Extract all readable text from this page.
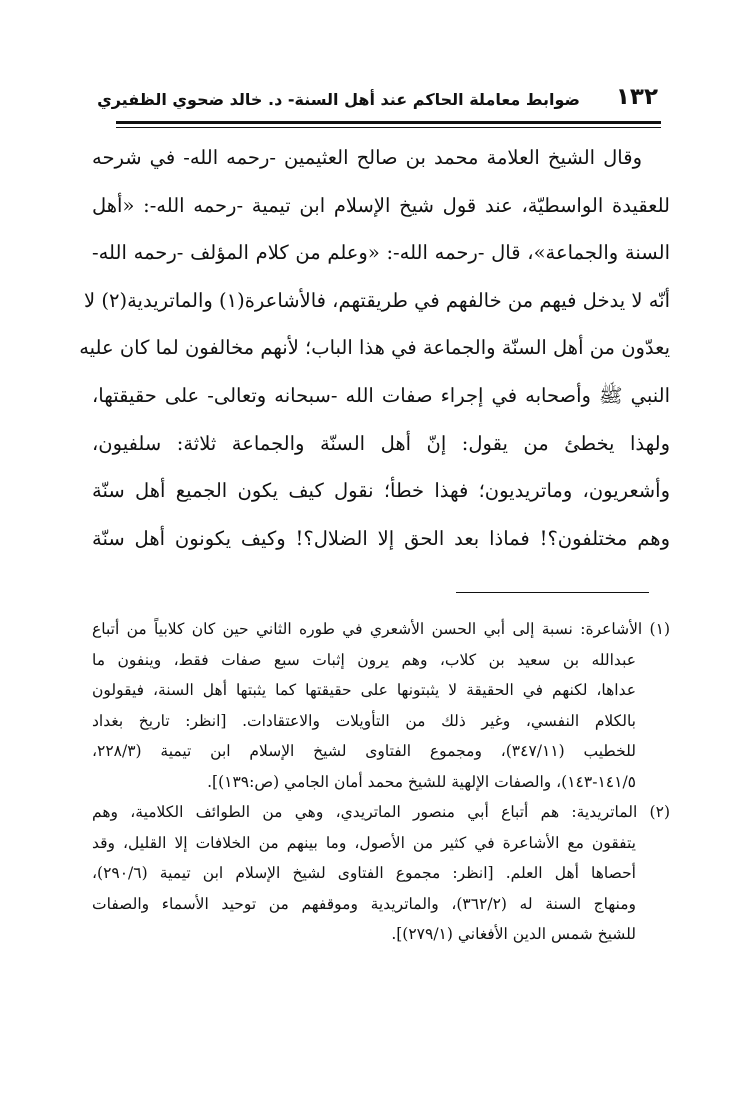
١٣٢
ضوابط معاملة الحاكم عند أهل السنة- د. خالد ضحوي الظفيري
وقال الشيخ العلامة محمد بن صالح العثيمين -رحمه الله- في شرحه
للعقيدة الواسطيّة، عند قول شيخ الإسلام ابن تيمية -رحمه الله-: «أهل
السنة والجماعة»، قال -رحمه الله-: «وعلم من كلام المؤلف -رحمه الله-
أنّه لا يدخل فيهم من خالفهم في طريقتهم، فالأشاعرة(١) والماتريدية(٢) لا
يعدّون من أهل السنّة والجماعة في هذا الباب؛ لأنهم مخالفون لما كان عليه
النبي ﷺ وأصحابه في إجراء صفات الله -سبحانه وتعالى- على حقيقتها،
ولهذا يخطئ من يقول: إنّ أهل السنّة والجماعة ثلاثة: سلفيون،
وأشعريون، وماتريديون؛ فهذا خطأ؛ نقول كيف يكون الجميع أهل سنّة
وهم مختلفون؟! فماذا بعد الحق إلا الضلال؟! وكيف يكونون أهل سنّة
(١) الأشاعرة: نسبة إلى أبي الحسن الأشعري في طوره الثاني حين كان كلابياً من أتباع
عبدالله بن سعيد بن كلاب، وهم يرون إثبات سبع صفات فقط، وينفون ما
عداها، لكنهم في الحقيقة لا يثبتونها على حقيقتها كما يثبتها أهل السنة، فيقولون
بالكلام النفسي، وغير ذلك من التأويلات والاعتقادات. [انظر: تاريخ بغداد
للخطيب (٣٤٧/١١)، ومجموع الفتاوى لشيخ الإسلام ابن تيمية (٢٢٨/٣،
١٤١/٥-١٤٣)، والصفات الإلهية للشيخ محمد أمان الجامي (ص:١٣٩)].
(٢) الماتريدية: هم أتباع أبي منصور الماتريدي، وهي من الطوائف الكلامية، وهم
يتفقون مع الأشاعرة في كثير من الأصول، وما بينهم من الخلافات إلا القليل، وقد
أحصاها أهل العلم. [انظر: مجموع الفتاوى لشيخ الإسلام ابن تيمية (٢٩٠/٦)،
ومنهاج السنة له (٣٦٢/٢)، والماتريدية وموقفهم من توحيد الأسماء والصفات
للشيخ شمس الدين الأفغاني (٢٧٩/١)].
